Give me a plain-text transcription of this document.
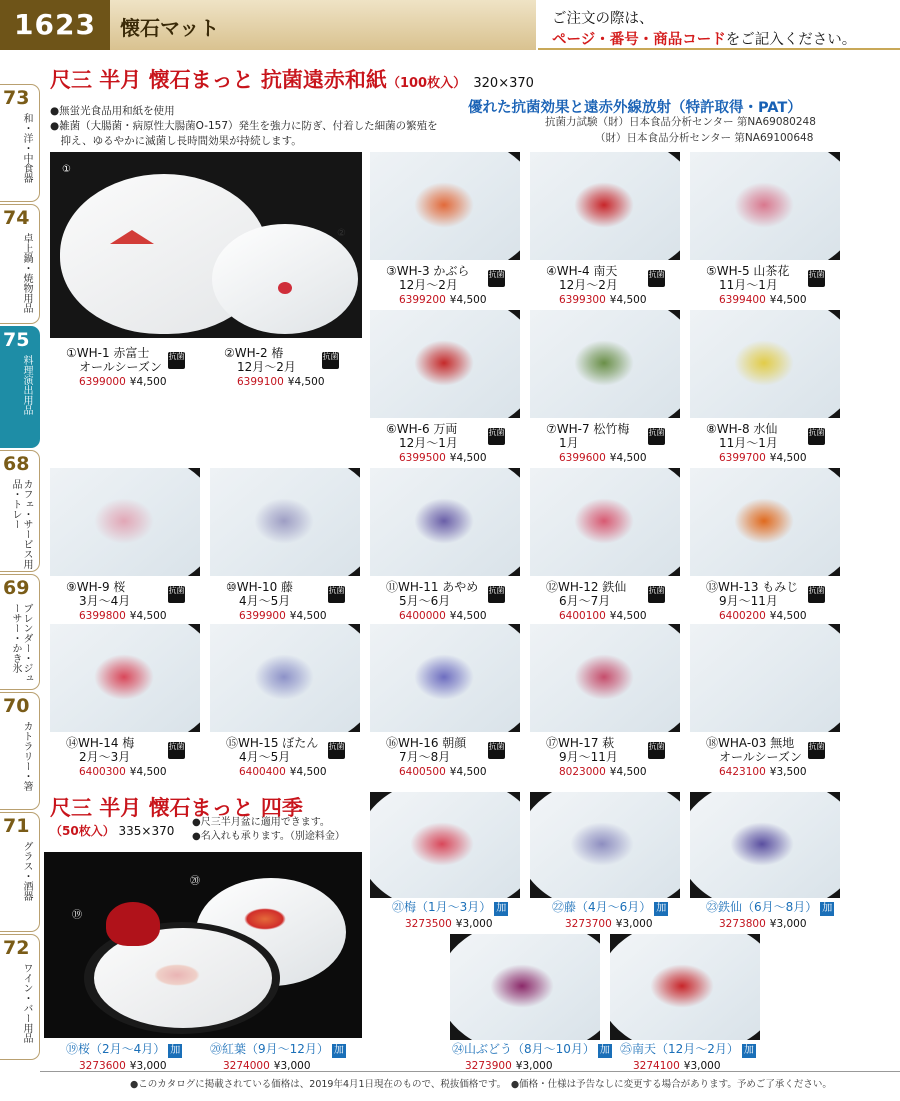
1623	懐石マット	ご注文の際は、
ページ・番号・商品コードをご記入ください。
73
和・洋・中食器
74
卓上鍋・焼物用品
75
料理演出用品
68
カフェ・サービス用品・トレー
69
ブレンダー・ジューサー・かき氷
70
カトラリー・箸
71
グラス・酒器
72
ワイン・バー用品
尺三 半月 懐石まっと 抗菌遠赤和紙（100枚入） 320×370
●無蛍光食品用和紙を使用
●雑菌（大腸菌・病原性大腸菌O-157）発生を強力に防ぎ、付着した細菌の繁殖を
　抑え、ゆるやかに滅菌し長時間効果が持続します。
優れた抗菌効果と遠赤外線放射（特許取得・PAT）
抗菌力試験（財）日本食品分析センター 第NA69080248
（財）日本食品分析センター 第NA69100648
①
②
①WH-1 赤富士
オールシーズン
6399000 ¥4,500
抗菌	②WH-2 椿
12月～2月
6399100 ¥4,500
抗菌
③WH-3 かぶら
12月～2月
6399200 ¥4,500
抗菌	④WH-4 南天
12月～2月
6399300 ¥4,500
抗菌	⑤WH-5 山茶花
11月～1月
6399400 ¥4,500
抗菌
⑥WH-6 万両
12月～1月
6399500 ¥4,500
抗菌	⑦WH-7 松竹梅
1月
6399600 ¥4,500
抗菌	⑧WH-8 水仙
11月～1月
6399700 ¥4,500
抗菌
⑨WH-9 桜
3月～4月
6399800 ¥4,500
抗菌	⑩WH-10 藤
4月～5月
6399900 ¥4,500
抗菌	⑪WH-11 あやめ
5月～6月
6400000 ¥4,500
抗菌	⑫WH-12 鉄仙
6月～7月
6400100 ¥4,500
抗菌	⑬WH-13 もみじ
9月～11月
6400200 ¥4,500
抗菌
⑭WH-14 梅
2月～3月
6400300 ¥4,500
抗菌	⑮WH-15 ぼたん
4月～5月
6400400 ¥4,500
抗菌	⑯WH-16 朝顔
7月～8月
6400500 ¥4,500
抗菌	⑰WH-17 萩
9月～11月
8023000 ¥4,500
抗菌	⑱WHA-03 無地
オールシーズン
6423100 ¥3,500
抗菌
尺三 半月 懐石まっと 四季
（50枚入） 335×370
●尺三半月盆に適用できます。
●名入れも承ります。（別途料金）
⑲
⑳
㉑梅（1月～3月） 加
3273500 ¥3,000
㉒藤（4月～6月） 加
3273700 ¥3,000
㉓鉄仙（6月～8月） 加
3273800 ¥3,000
㉔山ぶどう（8月～10月） 加
3273900 ¥3,000
㉕南天（12月～2月） 加
3274100 ¥3,000
⑲桜（2月～4月） 加
3273600 ¥3,000
⑳紅葉（9月～12月） 加
3274000 ¥3,000
●このカタログに掲載されている価格は、2019年4月1日現在のもので、税抜価格です。　●価格・仕様は予告なしに変更する場合があります。予めご了承ください。
